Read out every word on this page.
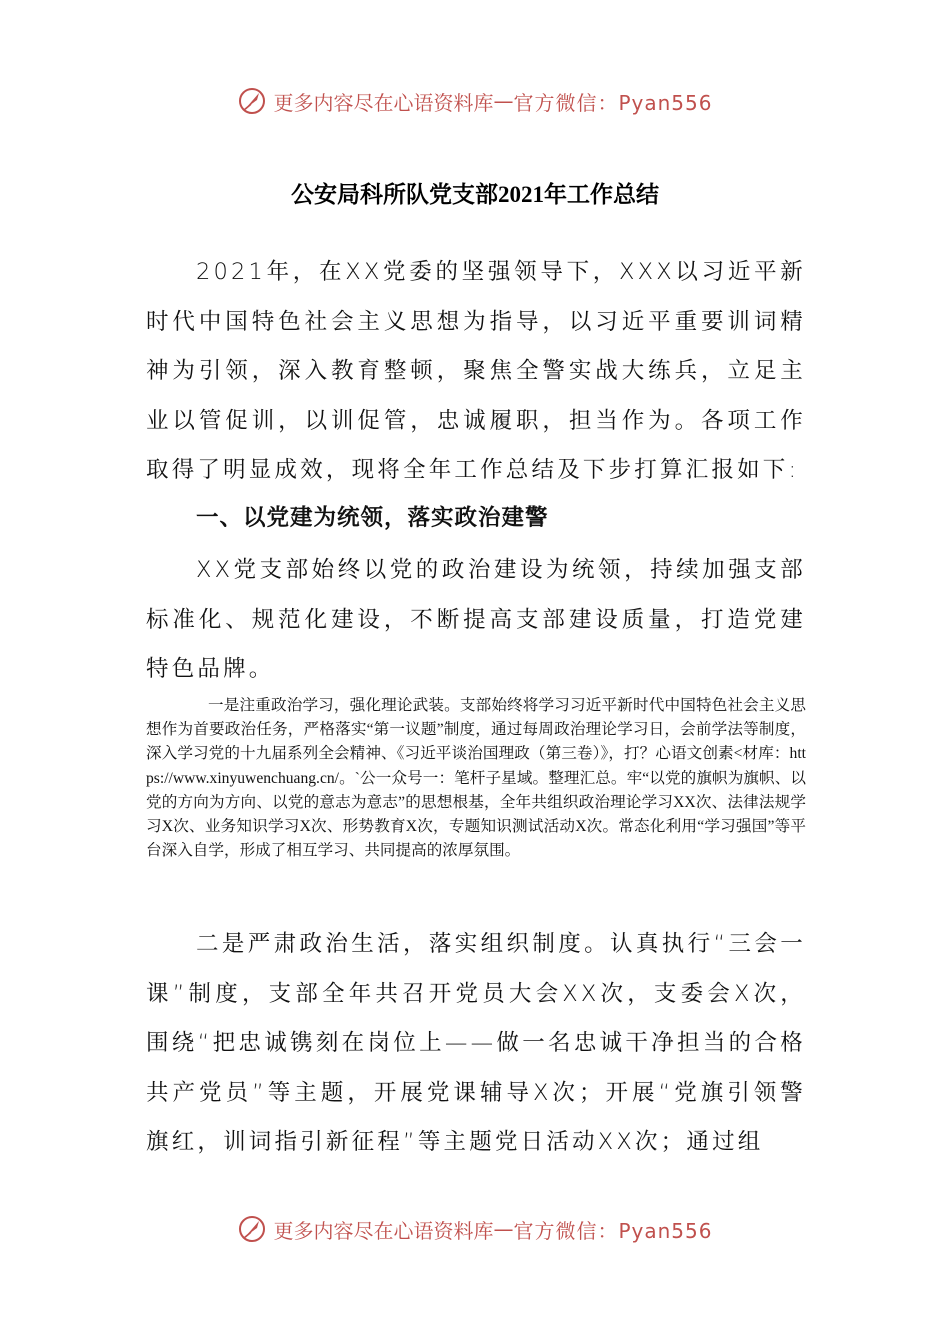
更多内容尽在心语资料库 — 官方微信：Pyan556
公安局科所队党支部2021年工作总结

2021年，在XX党委的坚强领导下，XXX以习近平新时代中国特色社会主义思想为指导，以习近平重要训词精神为引领，深入教育整顿，聚焦全警实战大练兵，立足主业以管促训，以训促管，忠诚履职，担当作为。各项工作取得了明显成效，现将全年工作总结及下步打算汇报如下:

一、以党建为统领，落实政治建警

XX党支部始终以党的政治建设为统领，持续加强支部标准化、规范化建设，不断提高支部建设质量，打造党建特色品牌。

一是注重政治学习，强化理论武装。支部始终将学习习近平新时代中国特色社会主义思想作为首要政治任务，严格落实“第一议题”制度，通过每周政治理论学习日，会前学法等制度，深入学习党的十九届系列全会精神、《习近平谈治国理政（第三卷）》，打？心语文创素<材库：https://www.xinyuwenchuang.cn/。`公一众号一：笔杆子星域。整理汇总。牢“以党的旗帜为旗帜、以党的方向为方向、以党的意志为意志”的思想根基，全年共组织政治理论学习XX次、法律法规学习X次、业务知识学习X次、形势教育X次，专题知识测试活动X次。常态化利用“学习强国”等平台深入自学，形成了相互学习、共同提高的浓厚氛围。

二是严肃政治生活，落实组织制度。认真执行“三会一课”制度，支部全年共召开党员大会XX次，支委会X次，围绕“把忠诚镌刻在岗位上——做一名忠诚干净担当的合格共产党员”等主题，开展党课辅导X次；开展“党旗引领警旗红，训词指引新征程”等主题党日活动XX次；通过组

更多内容尽在心语资料库 — 官方微信：Pyan556
